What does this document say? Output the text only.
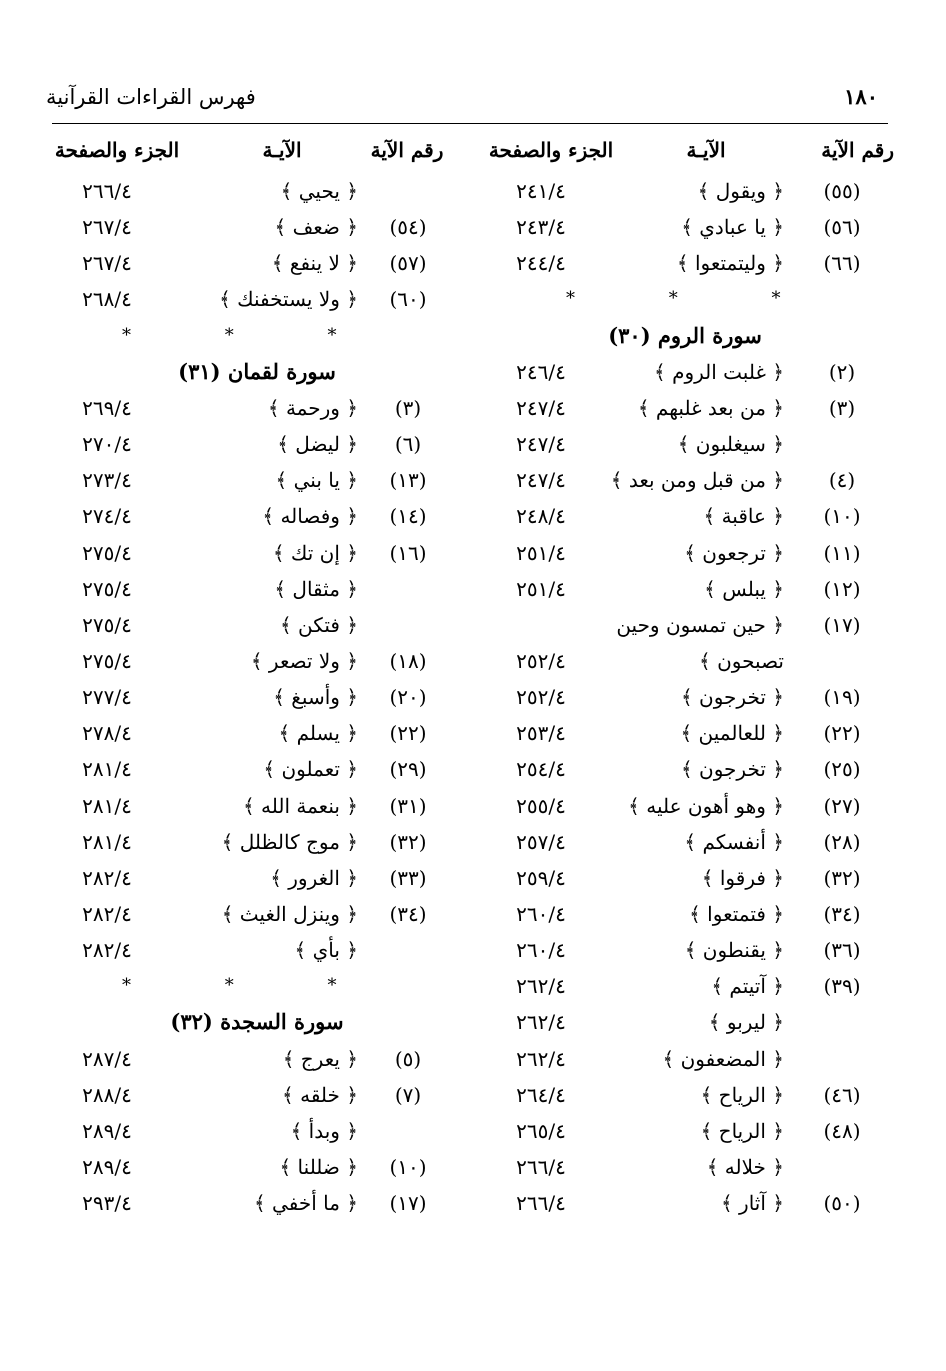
١٨٠
فهرس القراءات القرآنية
رقم الآية
الآيـة
الجزء والصفحة
(٥٥)
﴿ ويقول ﴾
٢٤١/٤
(٥٦)
﴿ يا عبادي ﴾
٢٤٣/٤
(٦٦)
﴿ وليتمتعوا ﴾
٢٤٤/٤
* * *
سورة الروم (٣٠)
(٢)
﴿ غلبت الروم ﴾
٢٤٦/٤
(٣)
﴿ من بعد غلبهم ﴾
٢٤٧/٤
﴿ سيغلبون ﴾
٢٤٧/٤
(٤)
﴿ من قبل ومن بعد ﴾
٢٤٧/٤
(١٠)
﴿ عاقبة ﴾
٢٤٨/٤
(١١)
﴿ ترجعون ﴾
٢٥١/٤
(١٢)
﴿ يبلس ﴾
٢٥١/٤
(١٧)
﴿ حين تمسون وحين
تصبحون ﴾
٢٥٢/٤
(١٩)
﴿ تخرجون ﴾
٢٥٢/٤
(٢٢)
﴿ للعالمين ﴾
٢٥٣/٤
(٢٥)
﴿ تخرجون ﴾
٢٥٤/٤
(٢٧)
﴿ وهو أهون عليه ﴾
٢٥٥/٤
(٢٨)
﴿ أنفسكم ﴾
٢٥٧/٤
(٣٢)
﴿ فرقوا ﴾
٢٥٩/٤
(٣٤)
﴿ فتمتعوا ﴾
٢٦٠/٤
(٣٦)
﴿ يقنطون ﴾
٢٦٠/٤
(٣٩)
﴿ آتيتم ﴾
٢٦٢/٤
﴿ ليربو ﴾
٢٦٢/٤
﴿ المضعفون ﴾
٢٦٢/٤
(٤٦)
﴿ الرياح ﴾
٢٦٤/٤
(٤٨)
﴿ الرياح ﴾
٢٦٥/٤
﴿ خلاله ﴾
٢٦٦/٤
(٥٠)
﴿ آثار ﴾
٢٦٦/٤
رقم الآية
الآيـة
الجزء والصفحة
﴿ يحيي ﴾
٢٦٦/٤
(٥٤)
﴿ ضعف ﴾
٢٦٧/٤
(٥٧)
﴿ لا ينفع ﴾
٢٦٧/٤
(٦٠)
﴿ ولا يستخفنك ﴾
٢٦٨/٤
* * *
سورة لقمان (٣١)
(٣)
﴿ ورحمة ﴾
٢٦٩/٤
(٦)
﴿ ليضل ﴾
٢٧٠/٤
(١٣)
﴿ يا بني ﴾
٢٧٣/٤
(١٤)
﴿ وفصاله ﴾
٢٧٤/٤
(١٦)
﴿ إن تك ﴾
٢٧٥/٤
﴿ مثقال ﴾
٢٧٥/٤
﴿ فتكن ﴾
٢٧٥/٤
(١٨)
﴿ ولا تصعر ﴾
٢٧٥/٤
(٢٠)
﴿ وأسبغ ﴾
٢٧٧/٤
(٢٢)
﴿ يسلم ﴾
٢٧٨/٤
(٢٩)
﴿ تعملون ﴾
٢٨١/٤
(٣١)
﴿ بنعمة الله ﴾
٢٨١/٤
(٣٢)
﴿ موج كالظلل ﴾
٢٨١/٤
(٣٣)
﴿ الغرور ﴾
٢٨٢/٤
(٣٤)
﴿ وينزل الغيث ﴾
٢٨٢/٤
﴿ بأي ﴾
٢٨٢/٤
* * *
سورة السجدة (٣٢)
(٥)
﴿ يعرج ﴾
٢٨٧/٤
(٧)
﴿ خلقه ﴾
٢٨٨/٤
﴿ وبدأ ﴾
٢٨٩/٤
(١٠)
﴿ ضللنا ﴾
٢٨٩/٤
(١٧)
﴿ ما أخفي ﴾
٢٩٣/٤
